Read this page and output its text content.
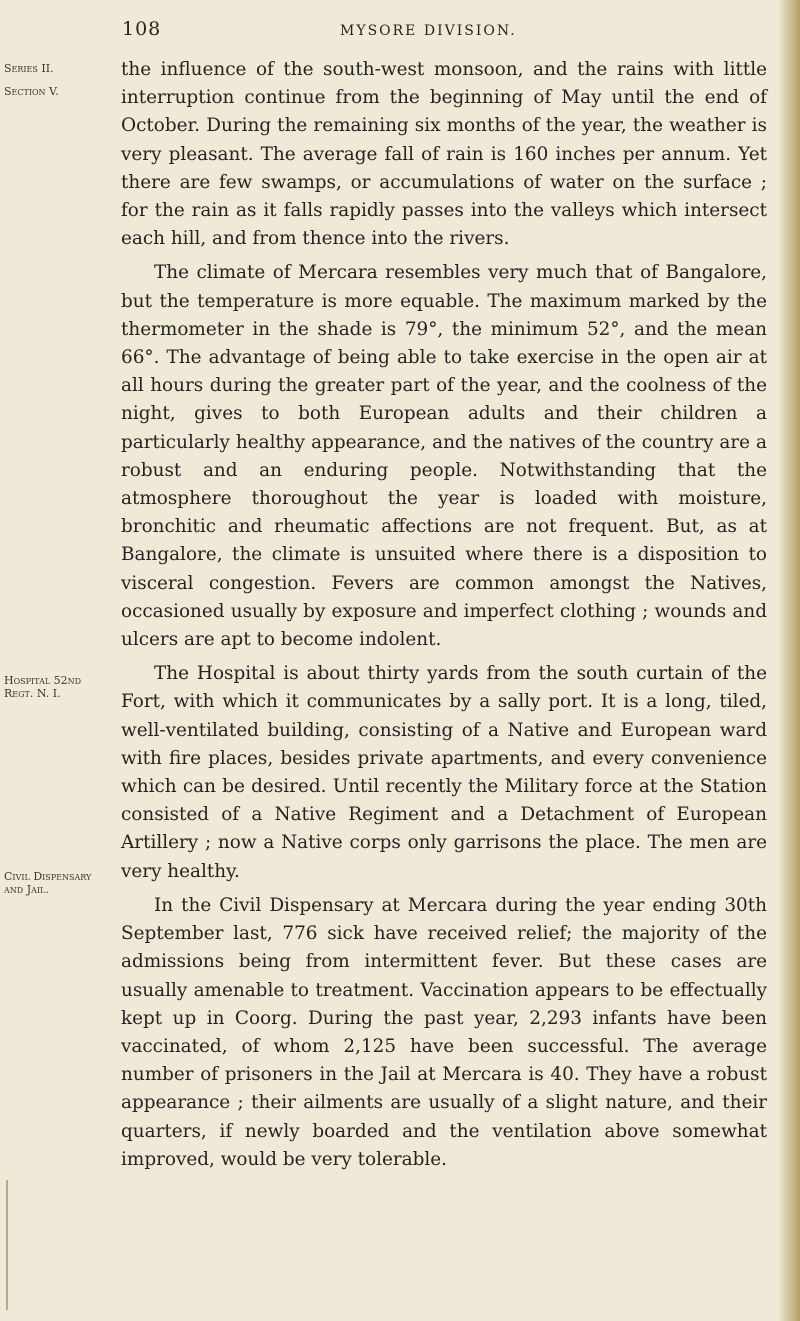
108	MYSORE DIVISION.
Series II.
Section V.
Hospital 52nd
Regt. N. I.
Civil Dispensary
and Jail.

the influence of the south-west monsoon, and the rains with little interruption continue from the beginning of May until the end of October. During the remaining six months of the year, the weather is very pleasant. The average fall of rain is 160 inches per annum. Yet there are few swamps, or accumulations of water on the surface ; for the rain as it falls rapidly passes into the valleys which intersect each hill, and from thence into the rivers.

The climate of Mercara resembles very much that of Bangalore, but the temperature is more equable. The maximum marked by the thermometer in the shade is 79°, the minimum 52°, and the mean 66°. The advantage of being able to take exercise in the open air at all hours during the greater part of the year, and the coolness of the night, gives to both European adults and their children a particularly healthy appearance, and the natives of the country are a robust and an enduring people. Notwithstanding that the atmosphere thoroughout the year is loaded with moisture, bronchitic and rheumatic affections are not frequent. But, as at Bangalore, the climate is unsuited where there is a disposition to visceral congestion. Fevers are common amongst the Natives, occasioned usually by exposure and imperfect clothing ; wounds and ulcers are apt to become indolent.

The Hospital is about thirty yards from the south curtain of the Fort, with which it communicates by a sally port. It is a long, tiled, well-ventilated building, consisting of a Native and European ward with fire places, besides private apartments, and every convenience which can be desired. Until recently the Military force at the Station consisted of a Native Regiment and a Detachment of European Artillery ; now a Native corps only garrisons the place. The men are very healthy.

In the Civil Dispensary at Mercara during the year ending 30th September last, 776 sick have received relief; the majority of the admissions being from intermittent fever. But these cases are usually amenable to treatment. Vaccination appears to be effectually kept up in Coorg. During the past year, 2,293 infants have been vaccinated, of whom 2,125 have been successful. The average number of prisoners in the Jail at Mercara is 40. They have a robust appearance ; their ailments are usually of a slight nature, and their quarters, if newly boarded and the ventilation above somewhat improved, would be very tolerable.
